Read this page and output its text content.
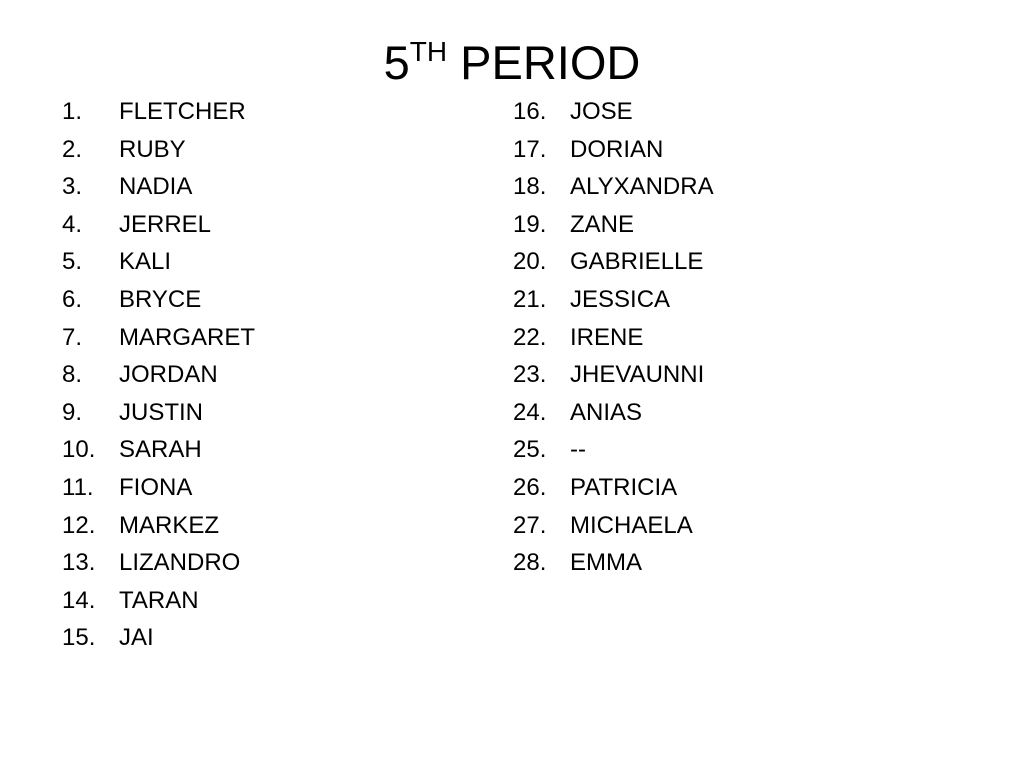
5TH PERIOD
1. FLETCHER
2. RUBY
3. NADIA
4. JERREL
5. KALI
6. BRYCE
7. MARGARET
8. JORDAN
9. JUSTIN
10. SARAH
11. FIONA
12. MARKEZ
13. LIZANDRO
14. TARAN
15. JAI
16. JOSE
17. DORIAN
18. ALYXANDRA
19. ZANE
20. GABRIELLE
21. JESSICA
22. IRENE
23. JHEVAUNNI
24. ANIAS
25. --
26. PATRICIA
27. MICHAELA
28. EMMA
